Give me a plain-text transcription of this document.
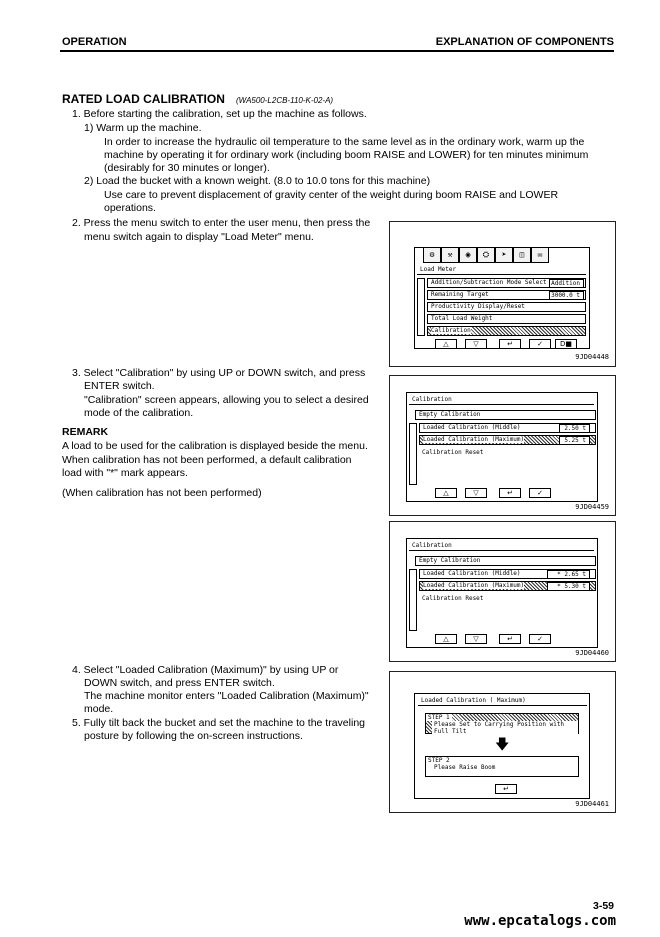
OPERATION	EXPLANATION OF COMPONENTS
RATED LOAD CALIBRATION (WA500-L2CB-110-K-02-A)
1. Before starting the calibration, set up the machine as follows.
1) Warm up the machine.
In order to increase the hydraulic oil temperature to the same level as in the ordinary work, warm up the
machine by operating it for ordinary work (including boom RAISE and LOWER) for ten minutes minimum
(desirably for 30 minutes or longer).
2) Load the bucket with a known weight. (8.0 to 10.0 tons for this machine)
Use care to prevent displacement of gravity center of the weight during boom RAISE and LOWER
operations.
2. Press the menu switch to enter the user menu, then press the
menu switch again to display "Load Meter" menu.
⚙	⚒	◉	⛭	➤	◫	✉
Load Meter
Addition/Subtraction Mode Select Addition
Remaining Target	3000.0 t
Productivity Display/Reset
Total Load Weight
Calibration
△	▽	↵	✓	D■
9JD04448
3. Select "Calibration" by using UP or DOWN switch, and press
ENTER switch.
"Calibration" screen appears, allowing you to select a desired
mode of the calibration.
REMARK
A load to be used for the calibration is displayed beside the menu.
When calibration has not been performed, a default calibration
load with "*" mark appears.
(When calibration has not been performed)
Calibration
Empty Calibration
Loaded Calibration (Middle)	2.50 t
Loaded Calibration (Maximum)	5.25 t
Calibration Reset
△	▽	↵	✓
9JD04459
Calibration
Empty Calibration
Loaded Calibration (Middle)	* 2.65 t
Loaded Calibration (Maximum)	* 5.30 t
Calibration Reset
△	▽	↵	✓
9JD04460
4. Select "Loaded Calibration (Maximum)" by using UP or
DOWN switch, and press ENTER switch.
The machine monitor enters "Loaded Calibration (Maximum)"
mode.
5. Fully tilt back the bucket and set the machine to the traveling
posture by following the on-screen instructions.
Loaded Calibration ( Maximum)
STEP 1
Please Set to Carrying Position with Full Tilt
🡇
STEP 2
Please Raise Boom
↵
9JD04461
3-59
www.epcatalogs.com
